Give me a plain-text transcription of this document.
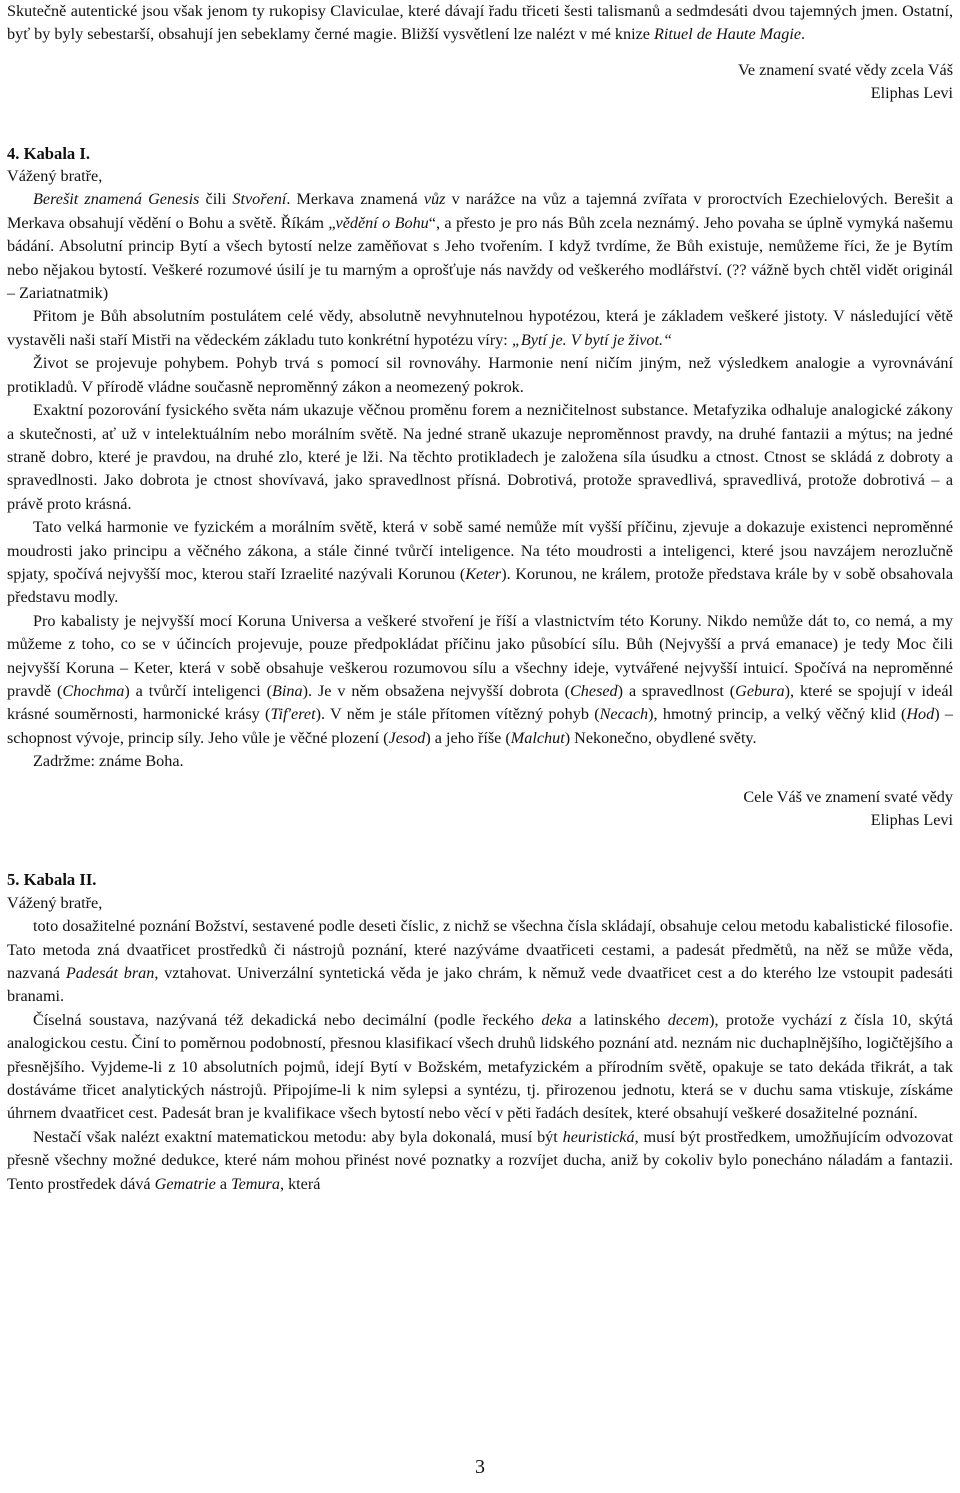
Skutečně autentické jsou však jenom ty rukopisy Claviculae, které dávají řadu třiceti šesti talismanů a sedmdesáti dvou tajemných jmen. Ostatní, byť by byly sebestarší, obsahují jen sebeklamy černé magie. Bližší vysvětlení lze nalézt v mé knize Rituel de Haute Magie.

Ve znamení svaté vědy zcela Váš

Eliphas Levi

4. Kabala I.

Vážený bratře,

Berešit znamená Genesis čili Stvoření. Merkava znamená vůz v narážce na vůz a tajemná zvířata v proroctvích Ezechielových. Berešit a Merkava obsahují vědění o Bohu a světě. Říkám „vědění o Bohu“, a přesto je pro nás Bůh zcela neznámý. Jeho povaha se úplně vymyká našemu bádání. Absolutní princip Bytí a všech bytostí nelze zaměňovat s Jeho tvořením. I když tvrdíme, že Bůh existuje, nemůžeme říci, že je Bytím nebo nějakou bytostí. Veškeré rozumové úsilí je tu marným a oprošťuje nás navždy od veškerého modlářství. (?? vážně bych chtěl vidět originál – Zariatnatmik)

Přitom je Bůh absolutním postulátem celé vědy, absolutně nevyhnutelnou hypotézou, která je základem veškeré jistoty. V následující větě vystavěli naši staří Mistři na vědeckém základu tuto konkrétní hypotézu víry: „Bytí je. V bytí je život.“

Život se projevuje pohybem. Pohyb trvá s pomocí sil rovnováhy. Harmonie není ničím jiným, než výsledkem analogie a vyrovnávání protikladů. V přírodě vládne současně neproměnný zákon a neomezený pokrok.

Exaktní pozorování fysického světa nám ukazuje věčnou proměnu forem a nezničitelnost substance. Metafyzika odhaluje analogické zákony a skutečnosti, ať už v intelektuálním nebo morálním světě. Na jedné straně ukazuje neproměnnost pravdy, na druhé fantazii a mýtus; na jedné straně dobro, které je pravdou, na druhé zlo, které je lži. Na těchto protikladech je založena síla úsudku a ctnost. Ctnost se skládá z dobroty a spravedlnosti. Jako dobrota je ctnost shovívavá, jako spravedlnost přísná. Dobrotivá, protože spravedlivá, spravedlivá, protože dobrotivá – a právě proto krásná.

Tato velká harmonie ve fyzickém a morálním světě, která v sobě samé nemůže mít vyšší příčinu, zjevuje a dokazuje existenci neproměnné moudrosti jako principu a věčného zákona, a stále činné tvůrčí inteligence. Na této moudrosti a inteligenci, které jsou navzájem nerozlučně spjaty, spočívá nejvyšší moc, kterou staří Izraelité nazývali Korunou (Keter). Korunou, ne králem, protože představa krále by v sobě obsahovala představu modly.

Pro kabalisty je nejvyšší mocí Koruna Universa a veškeré stvoření je říší a vlastnictvím této Koruny. Nikdo nemůže dát to, co nemá, a my můžeme z toho, co se v účincích projevuje, pouze předpokládat příčinu jako působící sílu. Bůh (Nejvyšší a prvá emanace) je tedy Moc čili nejvyšší Koruna – Keter, která v sobě obsahuje veškerou rozumovou sílu a všechny ideje, vytvářené nejvyšší intuicí. Spočívá na neproměnné pravdě (Chochma) a tvůrčí inteligenci (Bina). Je v něm obsažena nejvyšší dobrota (Chesed) a spravedlnost (Gebura), které se spojují v ideál krásné souměrnosti, harmonické krásy (Tif'eret). V něm je stále přítomen vítězný pohyb (Necach), hmotný princip, a velký věčný klid (Hod) – schopnost vývoje, princip síly. Jeho vůle je věčné plození (Jesod) a jeho říše (Malchut) Nekonečno, obydlené světy.

Zadržme: známe Boha.

Cele Váš ve znamení svaté vědy

Eliphas Levi

5. Kabala II.

Vážený bratře,

toto dosažitelné poznání Božství, sestavené podle deseti číslic, z nichž se všechna čísla skládají, obsahuje celou metodu kabalistické filosofie. Tato metoda zná dvaatřicet prostředků či nástrojů poznání, které nazýváme dvaatřiceti cestami, a padesát předmětů, na něž se může věda, nazvaná Padesát bran, vztahovat. Univerzální syntetická věda je jako chrám, k němuž vede dvaatřicet cest a do kterého lze vstoupit padesáti branami.

Číselná soustava, nazývaná též dekadická nebo decimální (podle řeckého deka a latinského decem), protože vychází z čísla 10, skýtá analogickou cestu. Činí to poměrnou podobností, přesnou klasifikací všech druhů lidského poznání atd. neznám nic duchaplnějšího, logičtějšího a přesnějšího. Vyjdeme-li z 10 absolutních pojmů, idejí Bytí v Božském, metafyzickém a přírodním světě, opakuje se tato dekáda třikrát, a tak dostáváme třicet analytických nástrojů. Připojíme-li k nim sylepsi a syntézu, tj. přirozenou jednotu, která se v duchu sama vtiskuje, získáme úhrnem dvaatřicet cest. Padesát bran je kvalifikace všech bytostí nebo věcí v pěti řadách desítek, které obsahují veškeré dosažitelné poznání.

Nestačí však nalézt exaktní matematickou metodu: aby byla dokonalá, musí být heuristická, musí být prostředkem, umožňujícím odvozovat přesně všechny možné dedukce, které nám mohou přinést nové poznatky a rozvíjet ducha, aniž by cokoliv bylo ponecháno náladám a fantazii. Tento prostředek dává Gematrie a Temura, která

3
